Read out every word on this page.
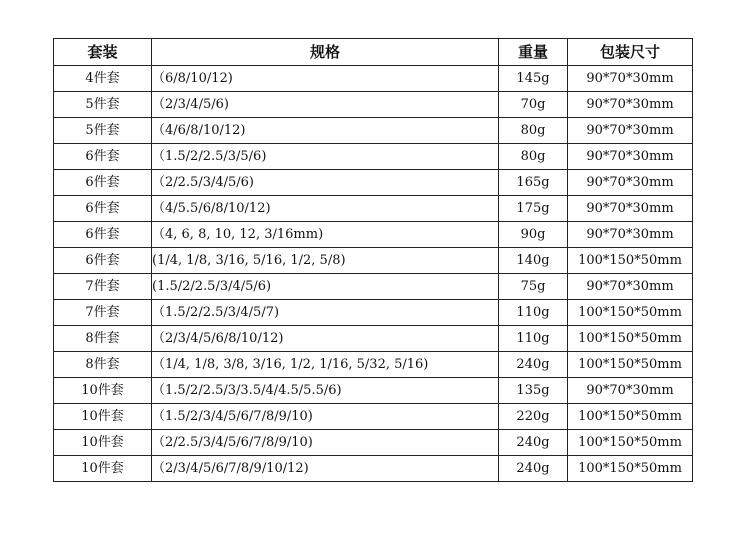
套装	规格	重量	包装尺寸
4件套	（6/8/10/12)	145g	90*70*30mm
5件套	（2/3/4/5/6)	70g	90*70*30mm
5件套	（4/6/8/10/12)	80g	90*70*30mm
6件套	（1.5/2/2.5/3/5/6)	80g	90*70*30mm
6件套	（2/2.5/3/4/5/6)	165g	90*70*30mm
6件套	（4/5.5/6/8/10/12)	175g	90*70*30mm
6件套	（4, 6, 8, 10, 12, 3/16mm)	90g	90*70*30mm
6件套	(1/4, 1/8, 3/16, 5/16, 1/2, 5/8)	140g	100*150*50mm
7件套	(1.5/2/2.5/3/4/5/6)	75g	90*70*30mm
7件套	（1.5/2/2.5/3/4/5/7)	110g	100*150*50mm
8件套	（2/3/4/5/6/8/10/12)	110g	100*150*50mm
8件套	（1/4, 1/8, 3/8, 3/16, 1/2, 1/16, 5/32, 5/16)	240g	100*150*50mm
10件套	（1.5/2/2.5/3/3.5/4/4.5/5.5/6)	135g	90*70*30mm
10件套	（1.5/2/3/4/5/6/7/8/9/10)	220g	100*150*50mm
10件套	（2/2.5/3/4/5/6/7/8/9/10)	240g	100*150*50mm
10件套	（2/3/4/5/6/7/8/9/10/12)	240g	100*150*50mm
